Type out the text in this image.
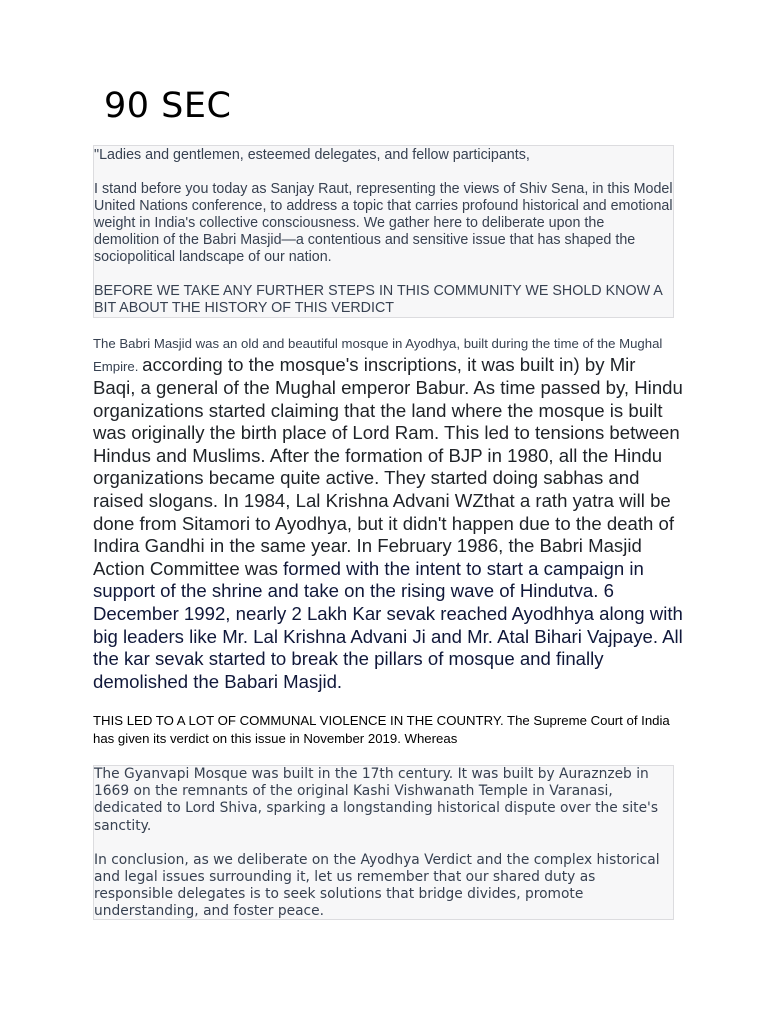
90 SEC

"Ladies and gentlemen, esteemed delegates, and fellow participants,

I stand before you today as Sanjay Raut, representing the views of Shiv Sena, in this Model United Nations conference, to address a topic that carries profound historical and emotional weight in India's collective consciousness. We gather here to deliberate upon the demolition of the Babri Masjid—a contentious and sensitive issue that has shaped the sociopolitical landscape of our nation.

BEFORE WE TAKE ANY FURTHER STEPS IN THIS COMMUNITY WE SHOLD KNOW A BIT ABOUT THE HISTORY OF THIS VERDICT

The Babri Masjid was an old and beautiful mosque in Ayodhya, built during the time of the Mughal Empire. according to the mosque's inscriptions, it was built in) by Mir Baqi, a general of the Mughal emperor Babur. As time passed by, Hindu organizations started claiming that the land where the mosque is built was originally the birth place of Lord Ram. This led to tensions between Hindus and Muslims. After the formation of BJP in 1980, all the Hindu organizations became quite active. They started doing sabhas and raised slogans. In 1984, Lal Krishna Advani WZthat a rath yatra will be done from Sitamori to Ayodhya, but it didn't happen due to the death of Indira Gandhi in the same year. In February 1986, the Babri Masjid Action Committee was formed with the intent to start a campaign in support of the shrine and take on the rising wave of Hindutva. 6 December 1992, nearly 2 Lakh Kar sevak reached Ayodhhya along with big leaders like Mr. Lal Krishna Advani Ji and Mr. Atal Bihari Vajpaye. All the kar sevak started to break the pillars of mosque and finally demolished the Babari Masjid.

THIS LED TO A LOT OF COMMUNAL VIOLENCE IN THE COUNTRY. The Supreme Court of India has given its verdict on this issue in November 2019. Whereas

The Gyanvapi Mosque was built in the 17th century. It was built by Auraznzeb in 1669 on the remnants of the original Kashi Vishwanath Temple in Varanasi, dedicated to Lord Shiva, sparking a longstanding historical dispute over the site's sanctity.

In conclusion, as we deliberate on the Ayodhya Verdict and the complex historical and legal issues surrounding it, let us remember that our shared duty as responsible delegates is to seek solutions that bridge divides, promote understanding, and foster peace.
